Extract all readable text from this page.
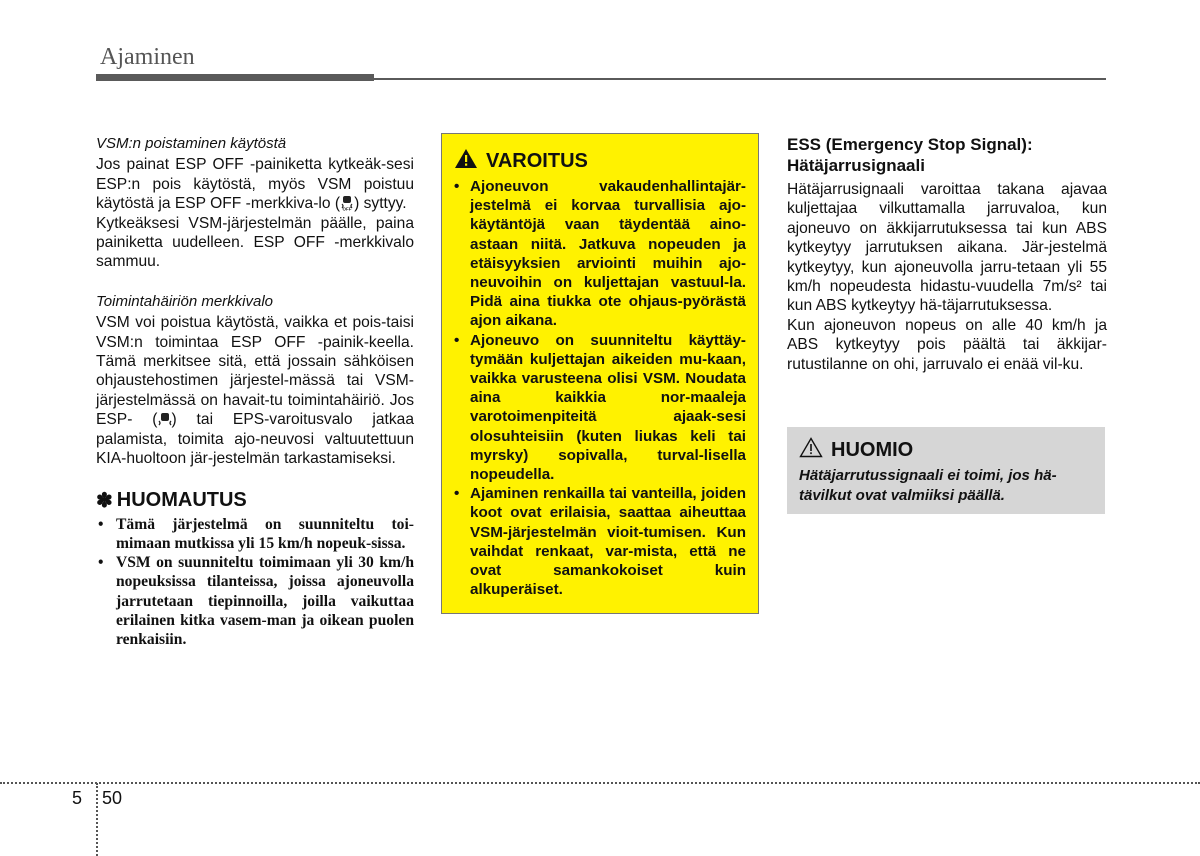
Ajaminen

VSM:n poistaminen käytöstä

Jos painat ESP OFF -painiketta kytkeäk-sesi ESP:n pois käytöstä, myös VSM poistuu käytöstä ja ESP OFF -merkkiva-lo ( OFF ) syttyy.

Kytkeäksesi VSM-järjestelmän päälle, paina painiketta uudelleen. ESP OFF -merkkivalo sammuu.

Toimintahäiriön merkkivalo

VSM voi poistua käytöstä, vaikka et pois-taisi VSM:n toimintaa ESP OFF -painik-keella. Tämä merkitsee sitä, että jossain sähköisen ohjaustehostimen järjestel-mässä tai VSM-järjestelmässä on havait-tu toimintahäiriö. Jos ESP- ( ) tai EPS-varoitusvalo jatkaa palamista, toimita ajo-neuvosi valtuutettuun KIA-huoltoon jär-jestelmän tarkastamiseksi.

✽ HUOMAUTUS
• Tämä järjestelmä on suunniteltu toi-mimaan mutkissa yli 15 km/h nopeuk-sissa.
• VSM on suunniteltu toimimaan yli 30 km/h nopeuksissa tilanteissa, joissa ajoneuvolla jarrutetaan tiepinnoilla, joilla vaikuttaa erilainen kitka vasem-man ja oikean puolen renkaisiin.
VAROITUS
• Ajoneuvon vakaudenhallintajär-jestelmä ei korvaa turvallisia ajo-käytäntöjä vaan täydentää aino-astaan niitä. Jatkuva nopeuden ja etäisyyksien arviointi muihin ajo-neuvoihin on kuljettajan vastuul-la. Pidä aina tiukka ote ohjaus-pyörästä ajon aikana.
• Ajoneuvo on suunniteltu käyttäy-tymään kuljettajan aikeiden mu-kaan, vaikka varusteena olisi VSM. Noudata aina kaikkia nor-maaleja varotoimenpiteitä ajaak-sesi olosuhteisiin (kuten liukas keli tai myrsky) sopivalla, turval-lisella nopeudella.
• Ajaminen renkailla tai vanteilla, joiden koot ovat erilaisia, saattaa aiheuttaa VSM-järjestelmän vioit-tumisen. Kun vaihdat renkaat, var-mista, että ne ovat samankokoiset kuin alkuperäiset.

ESS (Emergency Stop Signal):
Hätäjarrusignaali

Hätäjarrusignaali varoittaa takana ajavaa kuljettajaa vilkuttamalla jarruvaloa, kun ajoneuvo on äkkijarrutuksessa tai kun ABS kytkeytyy jarrutuksen aikana. Jär-jestelmä kytkeytyy, kun ajoneuvolla jarru-tetaan yli 55 km/h nopeudesta hidastu-vuudella 7m/s² tai kun ABS kytkeytyy hä-täjarrutuksessa.

Kun ajoneuvon nopeus on alle 40 km/h ja ABS kytkeytyy pois päältä tai äkkijar-rutustilanne on ohi, jarruvalo ei enää vil-ku.

HUOMIO
Hätäjarrutussignaali ei toimi, jos hä-tävilkut ovat valmiiksi päällä.
5 50
